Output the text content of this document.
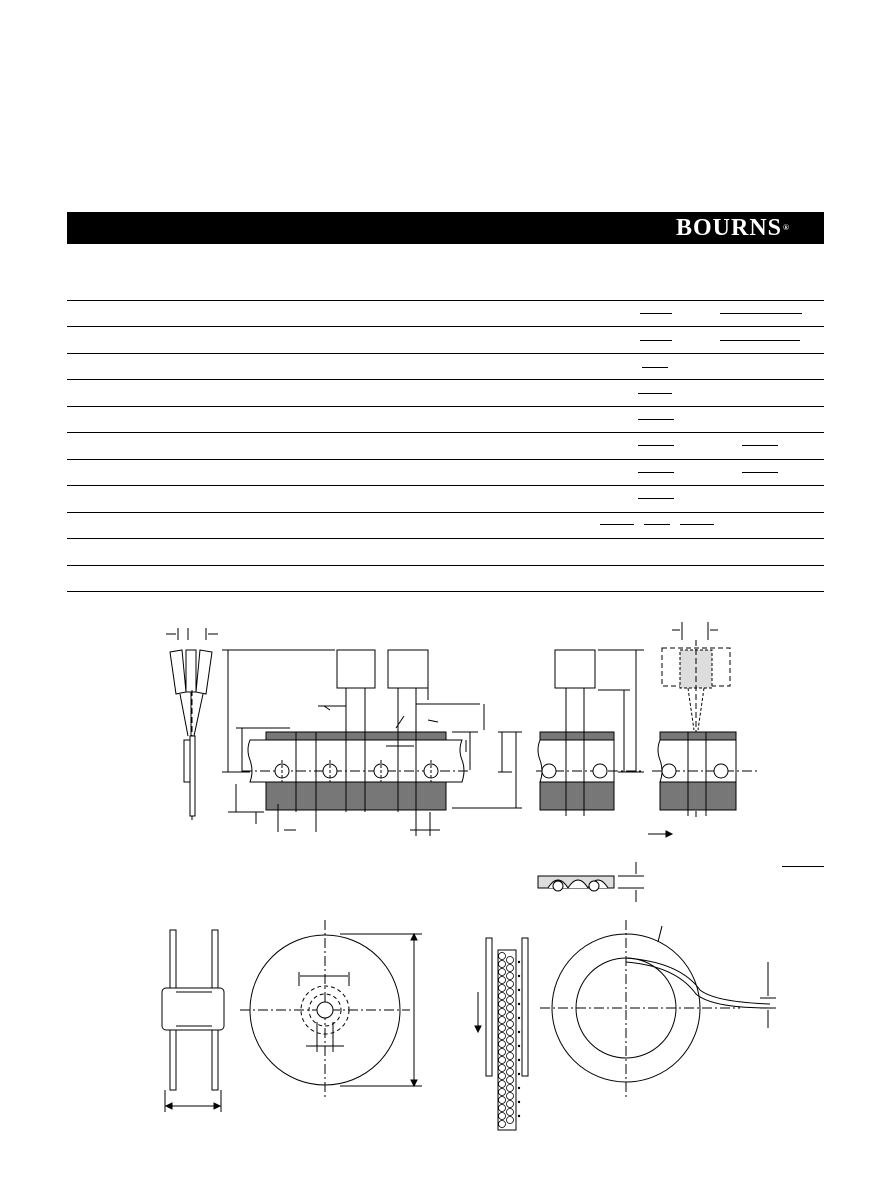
BOURNS®
